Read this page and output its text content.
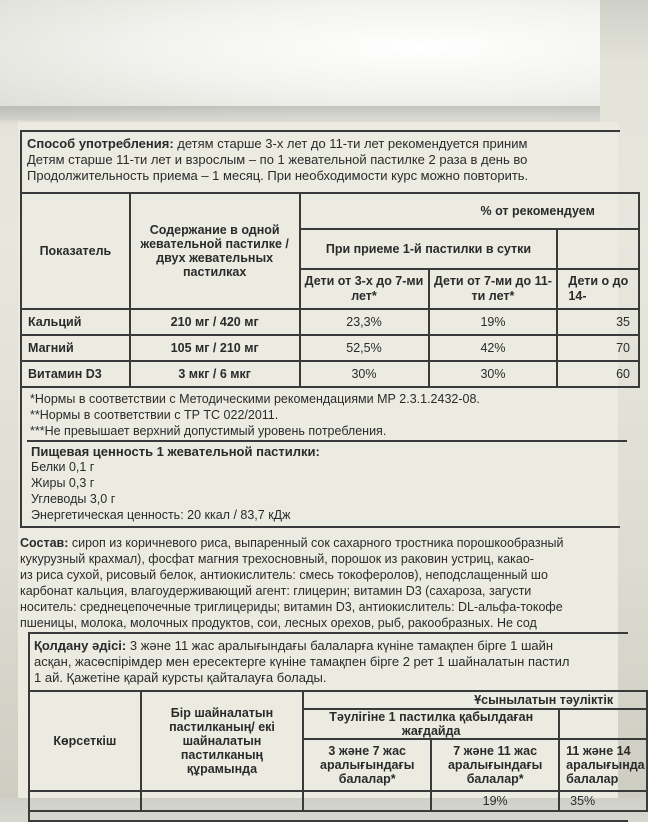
Способ употребления: детям старше 3-х лет до 11-ти лет рекомендуется приним
Детям старше 11-ти лет и взрослым – по 1 жевательной пастилке 2 раза в день во
Продолжительность приема – 1 месяц. При необходимости курс можно повторить.
Показатель	Содержание в одной жевательной пастилке / двух жевательных пастилках	% от рекомендуем		
		При приеме 1-й пастилки в сутки		
		Дети от 3-х до 7-ми лет*	Дети от 7-ми до 11-ти лет*	Дети о до 14-
Кальций	210 мг / 420 мг	23,3%	19%	35
Магний	105 мг / 210 мг	52,5%	42%	70
Витамин D3	3 мкг / 6 мкг	30%	30%	60
*Нормы в соответствии с Методическими рекомендациями МР 2.3.1.2432-08.
**Нормы в соответствии с ТР ТС 022/2011.
***Не превышает верхний допустимый уровень потребления.
Пищевая ценность 1 жевательной пастилки:
Белки 0,1 г
Жиры 0,3 г
Углеводы 3,0 г
Энергетическая ценность: 20 ккал / 83,7 кДж
Состав: сироп из коричневого риса, выпаренный сок сахарного тростника порошкообразный
кукурузный крахмал), фосфат магния трехосновный, порошок из раковин устриц, какао-
из риса сухой, рисовый белок, антиокислитель: смесь токоферолов), неподслащенный шо
карбонат кальция, влагоудерживающий агент: глицерин; витамин D3 (сахароза, загусти
носитель: среднецепочечные триглицериды; витамин D3, антиокислитель: DL-альфа-токофе
пшеницы, молока, молочных продуктов, сои, лесных орехов, рыб, ракообразных. Не сод
Қолдану әдісі: 3 және 11 жас аралығындағы балаларға күніне тамақпен бірге 1 шайн
асқан, жасөспірімдер мен ересектерге күніне тамақпен бірге 2 рет 1 шайналатын пастил
1 ай. Қажетіне қарай курсты қайталауға болады.
Көрсеткіш	Бір шайналатын пастилканың/ екі шайналатын пастилканың құрамында	Ұсынылатын тәуліктік		
		Тәулігіне 1 пастилка қабылдаған жағдайда		
		3 және 7 жас аралығындағы балалар*	7 және 11 жас аралығындағы балалар*	11 және 14 аралығында балалар
			19%	35%
